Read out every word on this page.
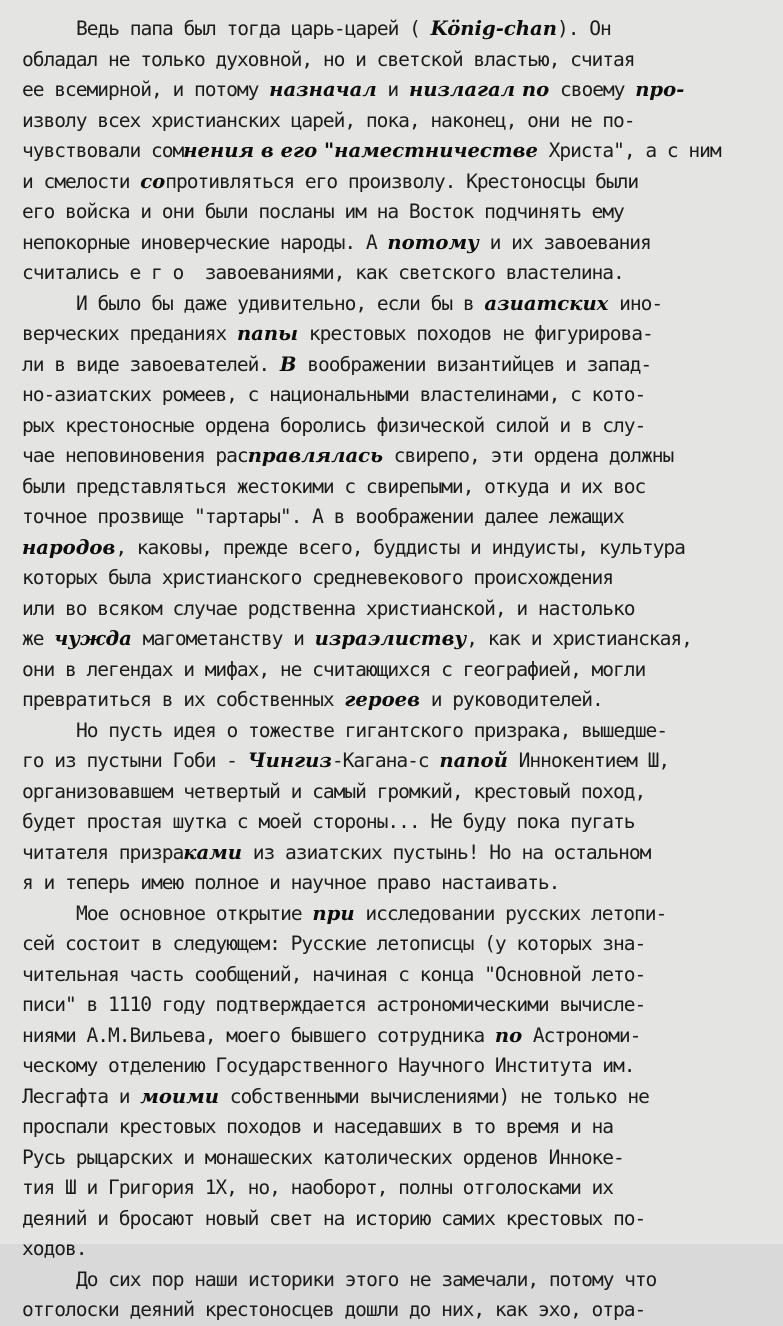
Ведь папа был тогда царь-царей ( König-chan). Он
обладал не только духовной, но и светской властью, считая
ее всемирной, и потому назначал и низлагал по своему про-
изволу всех христианских царей, пока, наконец, они не по-
чувствовали сомнения в его "наместничестве Христа", а с ним
и смелости сопротивляться его произволу. Крестоносцы были
его войска и они были посланы им на Восток подчинять ему
непокорные иноверческие народы. А потому и их завоевания
считались е г о  завоеваниями, как светского властелина.
И было бы даже удивительно, если бы в азиатских ино-
верческих преданиях папы крестовых походов не фигурирова-
ли в виде завоевателей. В воображении византийцев и запад-
но-азиатских ромеев, с национальными властелинами, с кото-
рых крестоносные ордена боролись физической силой и в слу-
чае неповиновения расправлялась свирепо, эти ордена должны
были представляться жестокими с свирепыми, откуда и их вос
точное прозвище "тартары". А в воображении далее лежащих
народов, каковы, прежде всего, буддисты и индуисты, культура
которых была христианского средневекового происхождения
или во всяком случае родственна христианской, и настолько
же чужда магометанству и израэлиству, как и христианская,
они в легендах и мифах, не считающихся с географией, могли
превратиться в их собственных героев и руководителей.
Но пусть идея о тожестве гигантского призрака, вышедше-
го из пустыни Гоби - Чингиз-Кагана-с папой Иннокентием Ш,
организовавшем четвертый и самый громкий, крестовый поход,
будет простая шутка с моей стороны... Не буду пока пугать
читателя призраками из азиатских пустынь! Но на остальном
я и теперь имею полное и научное право настаивать.
Мое основное открытие при исследовании русских летопи-
сей состоит в следующем: Русские летописцы (у которых зна-
чительная часть сообщений, начиная с конца "Основной лето-
писи" в 1110 году подтверждается астрономическими вычисле-
ниями А.М.Вильева, моего бывшего сотрудника по Астрономи-
ческому отделению Государственного Научного Института им.
Лесгафта и моими собственными вычислениями) не только не
проспали крестовых походов и наседавших в то время и на
Русь рыцарских и монашеских католических орденов Инноке-
тия Ш и Григория 1Х, но, наоборот, полны отголосками их
деяний и бросают новый свет на историю самих крестовых по-
ходов.
До сих пор наши историки этого не замечали, потому что
отголоски деяний крестоносцев дошли до них, как эхо, отра-
